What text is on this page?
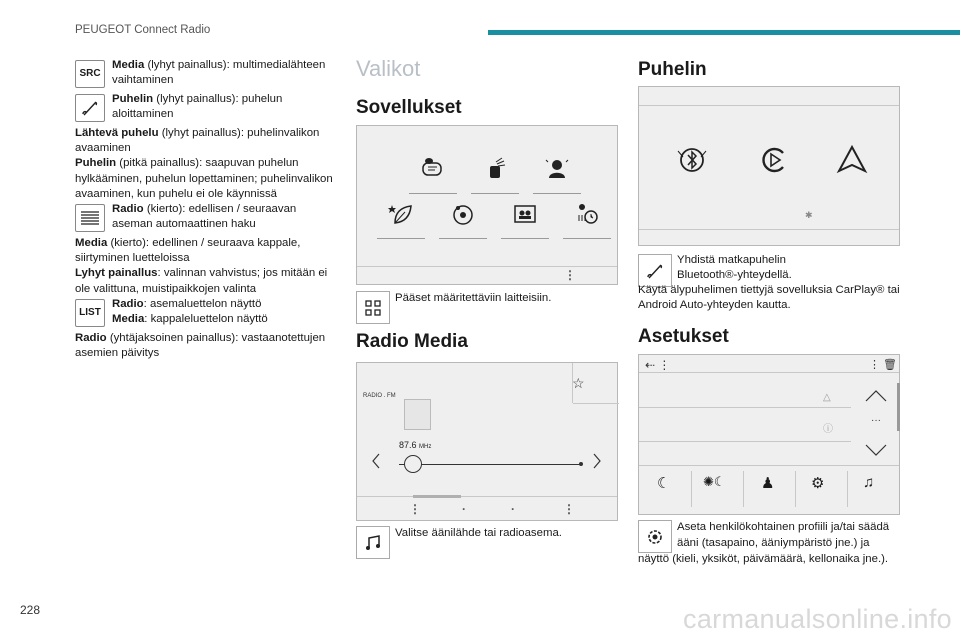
PEUGEOT Connect Radio
228	carmanualsonline.info
SRC

Media (lyhyt painallus): multimedialähteen vaihtaminen

Puhelin (lyhyt painallus): puhelun aloittaminen

Lähtevä puhelu (lyhyt painallus): puhelinvalikon avaaminen

Puhelin (pitkä painallus): saapuvan puhelun hylkääminen, puhelun lopettaminen; puhelinvalikon avaaminen, kun puhelu ei ole käynnissä

Radio (kierto): edellisen / seuraavan aseman automaattinen haku

Media (kierto): edellinen / seuraava kappale, siirtyminen luetteloissa

Lyhyt painallus: valinnan vahvistus; jos mitään ei ole valittuna, muistipaikkojen valinta

LIST

Radio: asemaluettelon näyttö

Media: kappaleluettelon näyttö

Radio (yhtäjaksoinen painallus): vastaanotettujen asemien päivitys

Valikot
Sovellukset
⋮
Pääset määritettäviin laitteisiin.
Radio Media
☆
RADIO . FM
87.6 MHz
⋮	·	·	⋮
Valitse äänilähde tai radioasema.
Puhelin
✱
Yhdistä matkapuhelin
Bluetooth®-yhteydellä.
Käytä älypuhelimen tiettyjä sovelluksia CarPlay® tai Android Auto-yhteyden kautta.
Asetukset
⇠ ⋮	⋮ 🗑
△
ⓘ
···
☾	✺☾ ♟ ⚙	♫
Aseta henkilökohtainen profiili ja/tai säädä
ääni (tasapaino, ääniympäristö jne.) ja
näyttö (kieli, yksiköt, päivämäärä, kellonaika jne.).
